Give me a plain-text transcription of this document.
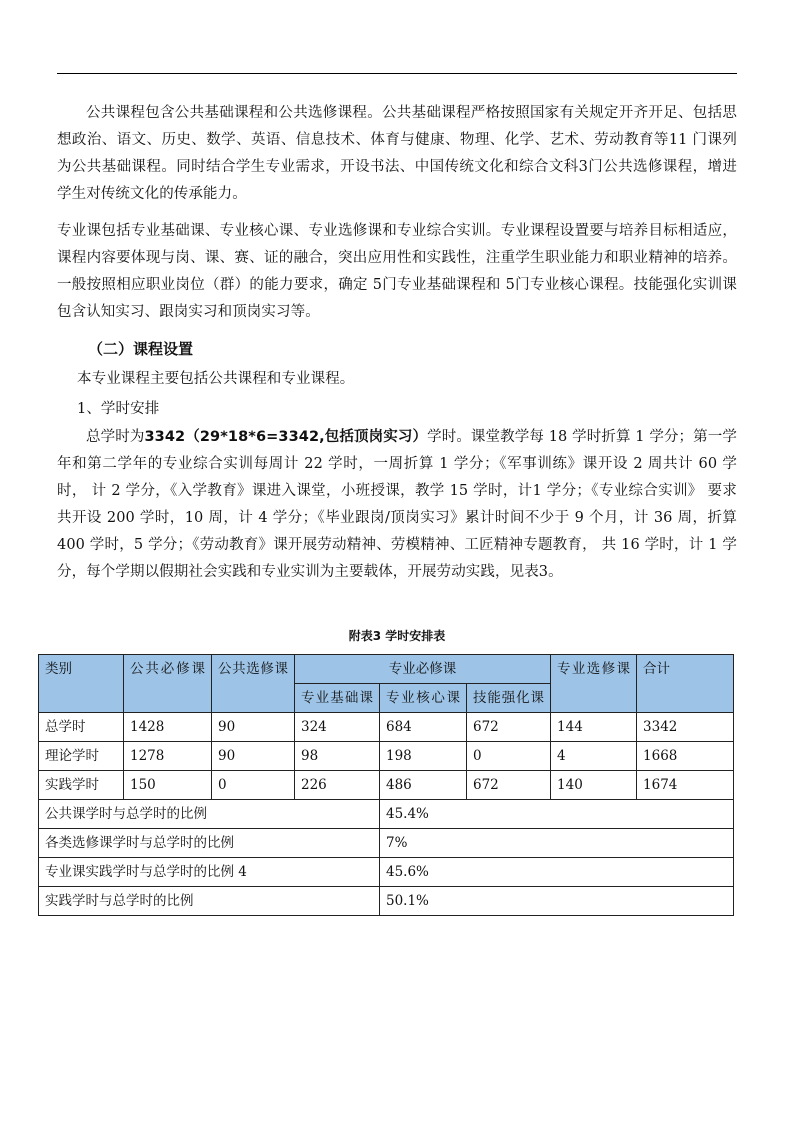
公共课程包含公共基础课程和公共选修课程。公共基础课程严格按照国家有关规定开齐开足、包括思想政治、语文、历史、数学、英语、信息技术、体育与健康、物理、化学、艺术、劳动教育等11 门课列为公共基础课程。同时结合学生专业需求，开设书法、中国传统文化和综合文科3门公共选修课程，增进学生对传统文化的传承能力。

专业课包括专业基础课、专业核心课、专业选修课和专业综合实训。专业课程设置要与培养目标相适应，课程内容要体现与岗、课、赛、证的融合，突出应用性和实践性，注重学生职业能力和职业精神的培养。一般按照相应职业岗位（群）的能力要求，确定 5门专业基础课程和 5门专业核心课程。技能强化实训课包含认知实习、跟岗实习和顶岗实习等。

（二）课程设置

本专业课程主要包括公共课程和专业课程。

1、学时安排

总学时为3342（29*18*6=3342,包括顶岗实习）学时。课堂教学每 18 学时折算 1 学分；第一学年和第二学年的专业综合实训每周计 22 学时，一周折算 1 学分；《军事训练》课开设 2 周共计 60 学时， 计 2 学分，《入学教育》课进入课堂，小班授课，教学 15 学时，计1 学分；《专业综合实训》 要求共开设 200 学时，10 周，计 4 学分；《毕业跟岗/顶岗实习》累计时间不少于 9 个月，计 36 周，折算 400 学时，5 学分；《劳动教育》课开展劳动精神、劳模精神、工匠精神专题教育， 共 16 学时，计 1 学分，每个学期以假期社会实践和专业实训为主要载体，开展劳动实践，见表3。

附表3 学时安排表
类别	公共必修课	公共选修课	专业必修课			专业选修课	合计
			专业基础课	专业核心课	技能强化课		
总学时	1428	90	324	684	672	144	3342
理论学时	1278	90	98	198	0	4	1668
实践学时	150	0	226	486	672	140	1674
公共课学时与总学时的比例				45.4%			
各类选修课学时与总学时的比例				7%			
专业课实践学时与总学时的比例 4				45.6%			
实践学时与总学时的比例				50.1%			
